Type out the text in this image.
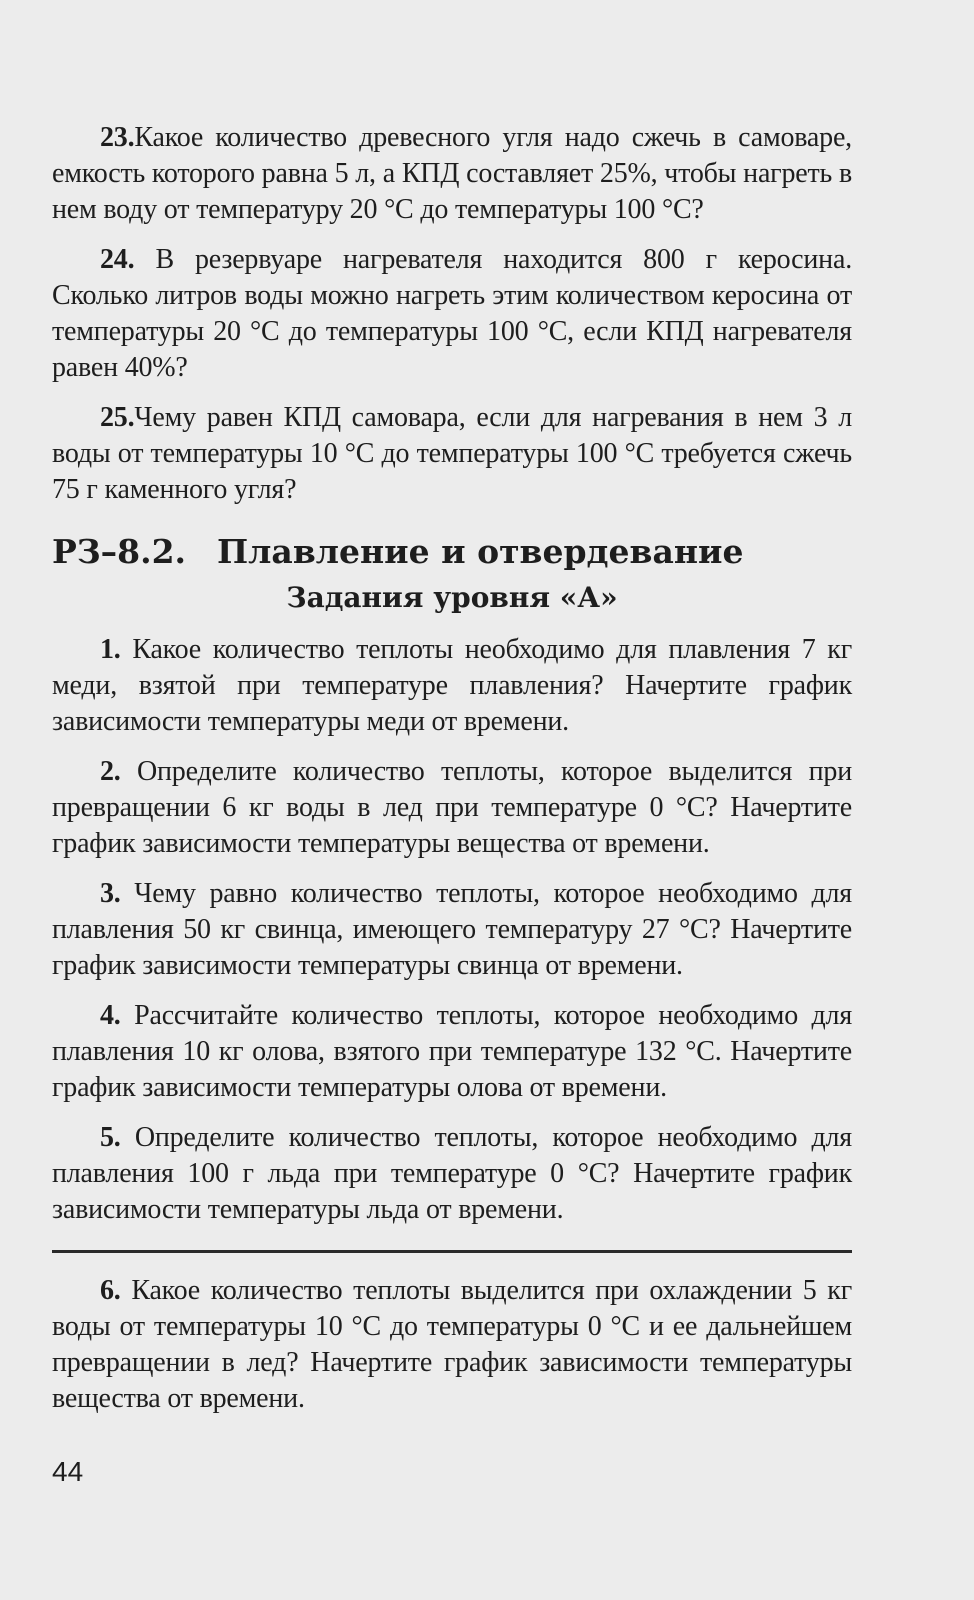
23.Какое количество древесного угля надо сжечь в самоваре, емкость которого равна 5 л, а КПД составляет 25%, чтобы нагреть в нем воду от температуру 20 °С до температуры 100 °С?

24. В резервуаре нагревателя находится 800 г керосина. Сколько литров воды можно нагреть этим количеством керосина от температуры 20 °С до температуры 100 °С, если КПД нагревателя равен 40%?

25.Чему равен КПД самовара, если для нагревания в нем 3 л воды от температуры 10 °С до температуры 100 °С требуется сжечь 75 г каменного угля?

РЗ–8.2. Плавление и отвердевание
Задания уровня «А»

1. Какое количество теплоты необходимо для плавления 7 кг меди, взятой при температуре плавления? Начертите график зависимости температуры меди от времени.

2. Определите количество теплоты, которое выделится при превращении 6 кг воды в лед при температуре 0 °С? Начертите график зависимости температуры вещества от времени.

3. Чему равно количество теплоты, которое необходимо для плавления 50 кг свинца, имеющего температуру 27 °С? Начертите график зависимости температуры свинца от времени.

4. Рассчитайте количество теплоты, которое необходимо для плавления 10 кг олова, взятого при температуре 132 °С. Начертите график зависимости температуры олова от времени.

5. Определите количество теплоты, которое необходимо для плавления 100 г льда при температуре 0 °С? Начертите график зависимости температуры льда от времени.

6. Какое количество теплоты выделится при охлаждении 5 кг воды от температуры 10 °С до температуры 0 °С и ее дальнейшем превращении в лед? Начертите график зависимости температуры вещества от времени.

44
